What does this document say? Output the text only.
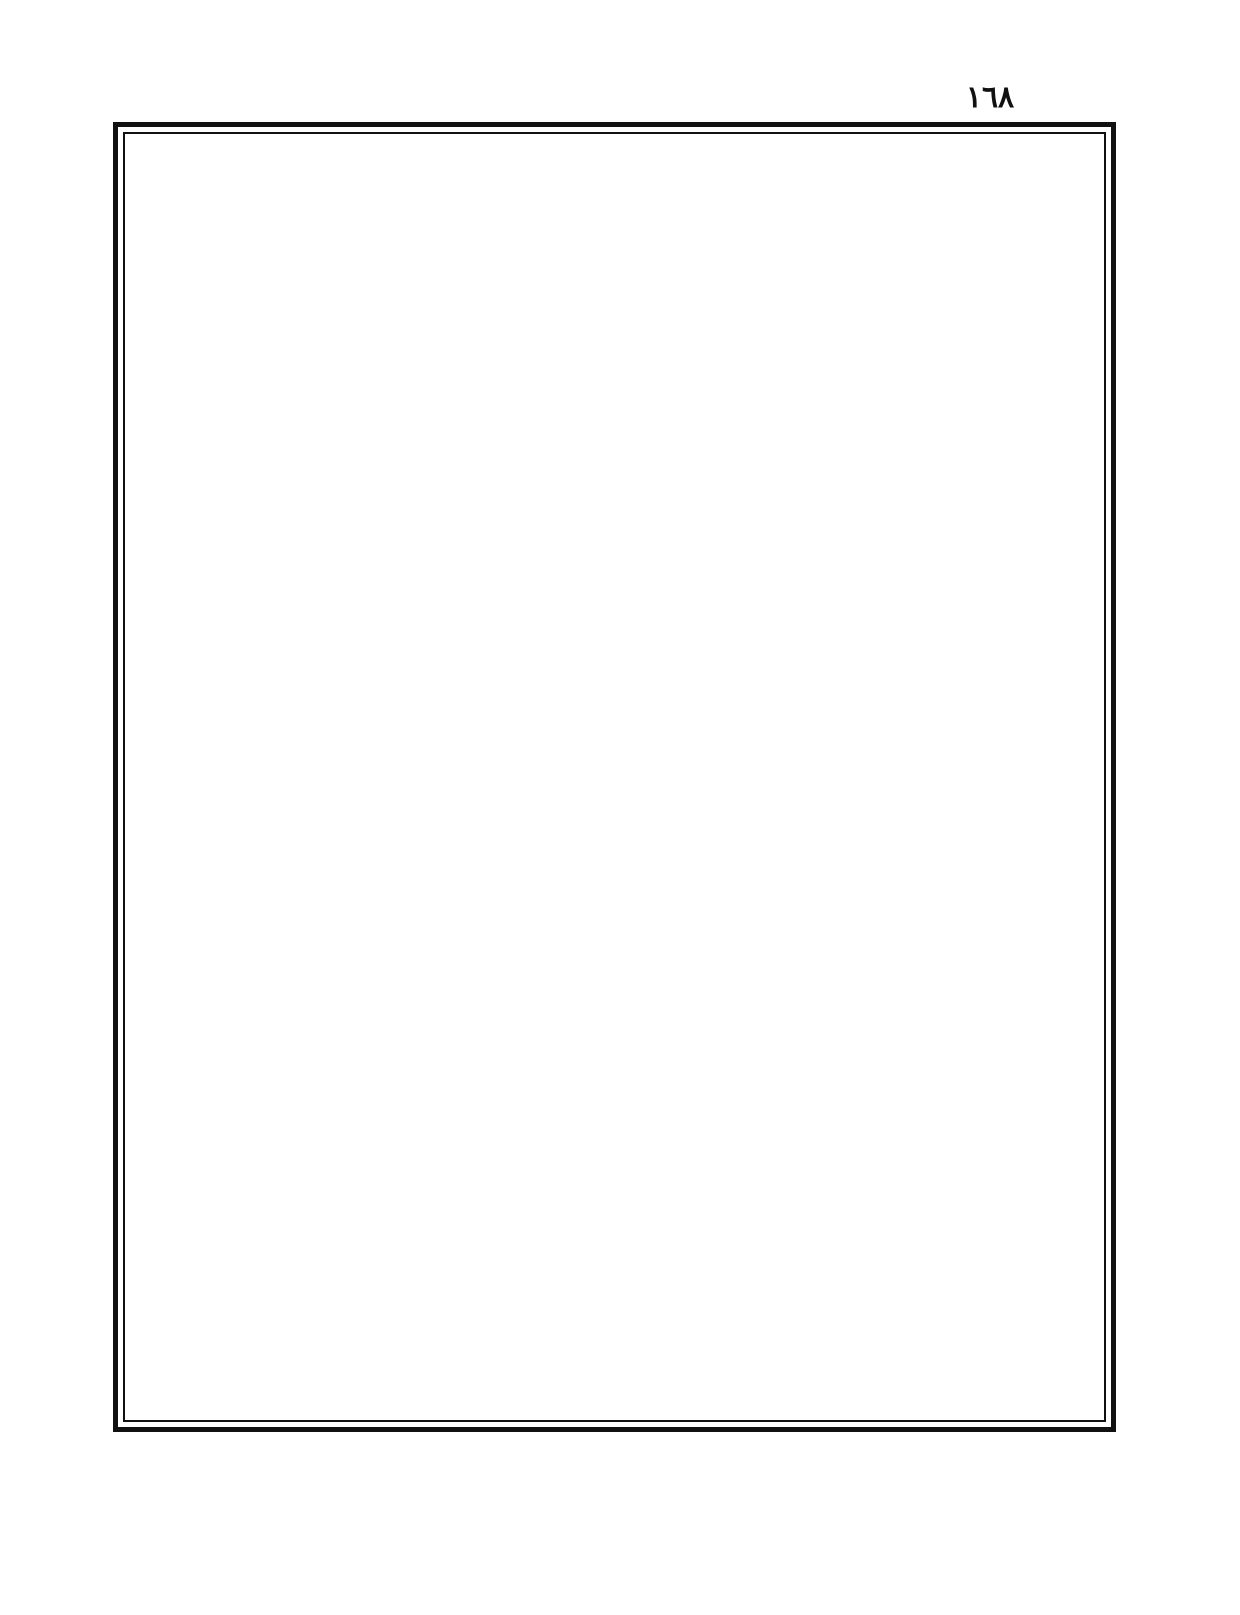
١٦٨
